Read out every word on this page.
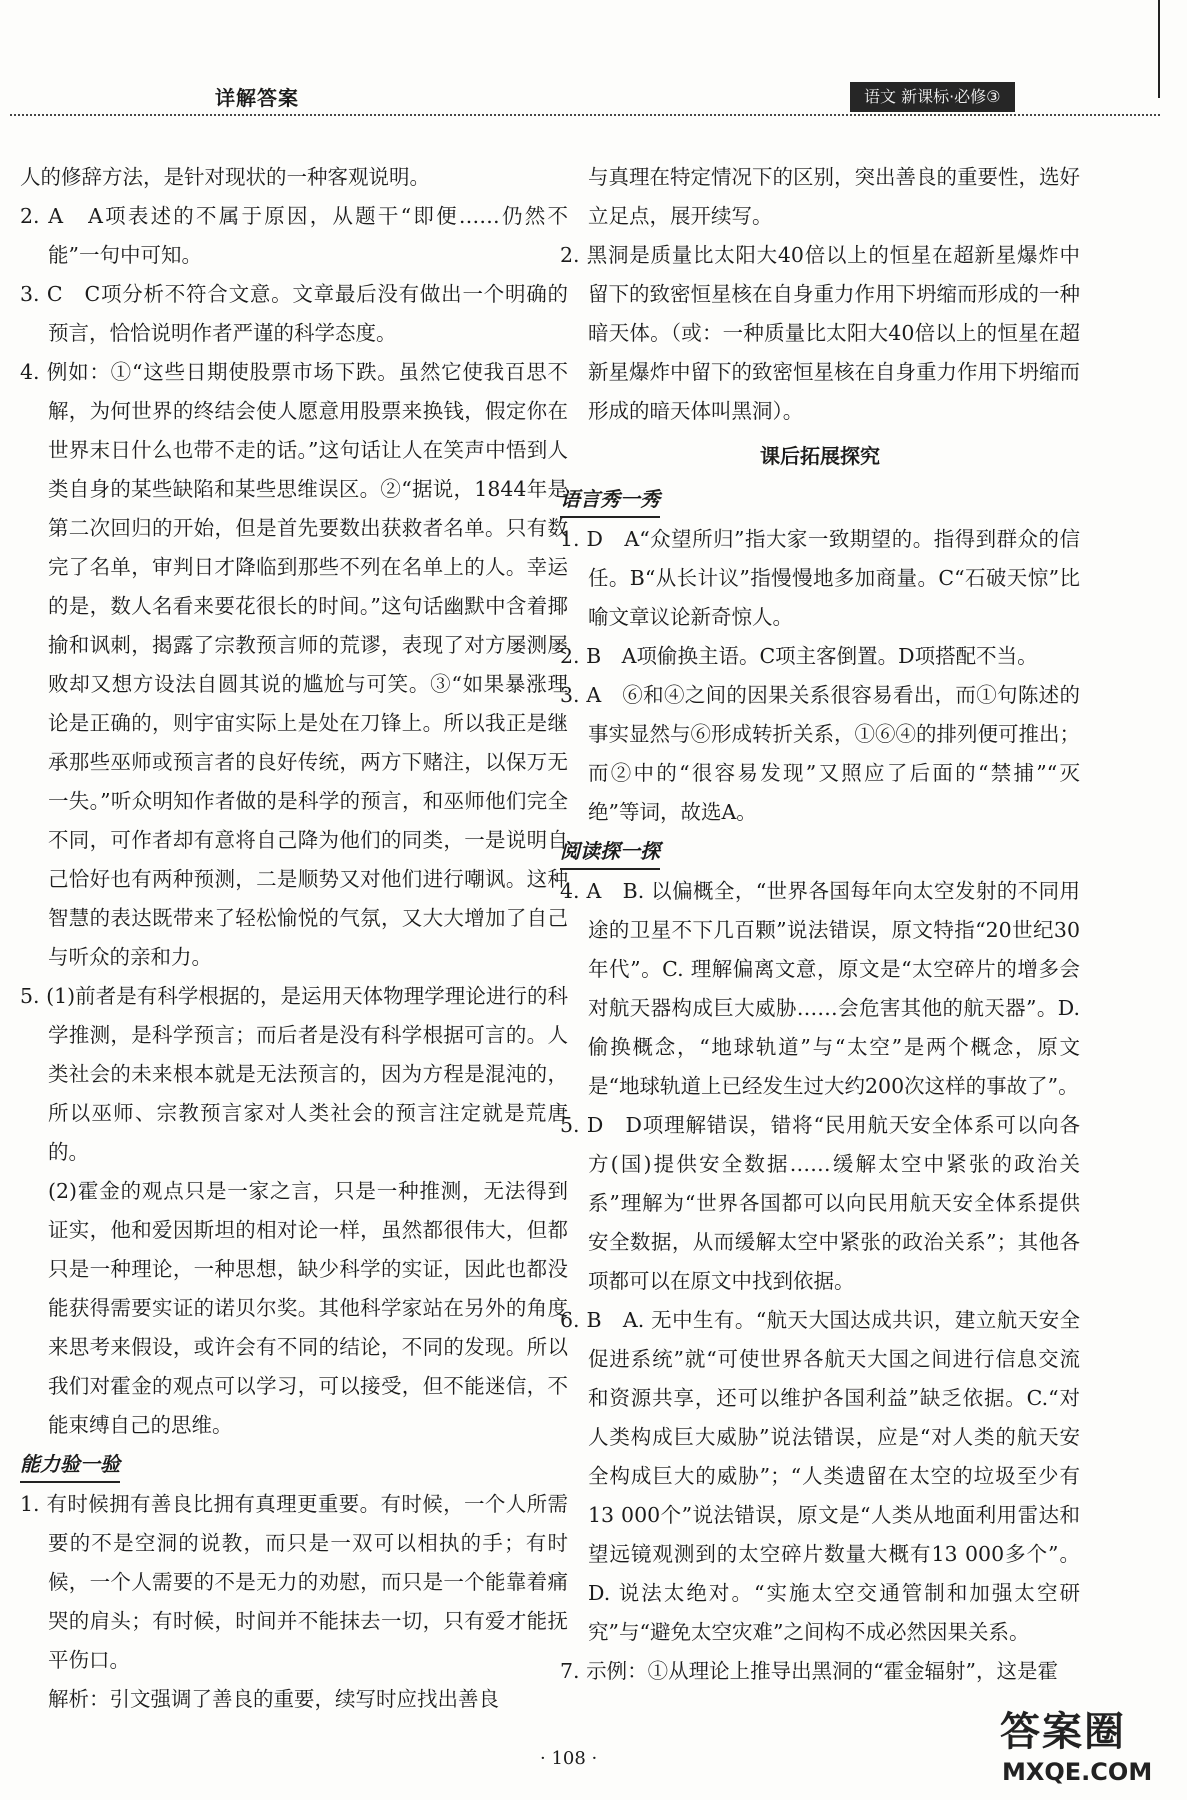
详解答案	语文 新课标·必修③

人的修辞方法，是针对现状的一种客观说明。

2. A　A项表述的不属于原因，从题干“即便……仍然不能”一句中可知。

3. C　C项分析不符合文意。文章最后没有做出一个明确的预言，恰恰说明作者严谨的科学态度。

4. 例如：①“这些日期使股票市场下跌。虽然它使我百思不解，为何世界的终结会使人愿意用股票来换钱，假定你在世界末日什么也带不走的话。”这句话让人在笑声中悟到人类自身的某些缺陷和某些思维误区。②“据说，1844年是第二次回归的开始，但是首先要数出获救者名单。只有数完了名单，审判日才降临到那些不列在名单上的人。幸运的是，数人名看来要花很长的时间。”这句话幽默中含着揶揄和讽刺，揭露了宗教预言师的荒谬，表现了对方屡测屡败却又想方设法自圆其说的尴尬与可笑。③“如果暴涨理论是正确的，则宇宙实际上是处在刀锋上。所以我正是继承那些巫师或预言者的良好传统，两方下赌注，以保万无一失。”听众明知作者做的是科学的预言，和巫师他们完全不同，可作者却有意将自己降为他们的同类，一是说明自己恰好也有两种预测，二是顺势又对他们进行嘲讽。这种智慧的表达既带来了轻松愉悦的气氛，又大大增加了自己与听众的亲和力。

5. (1)前者是有科学根据的，是运用天体物理学理论进行的科学推测，是科学预言；而后者是没有科学根据可言的。人类社会的未来根本就是无法预言的，因为方程是混沌的，所以巫师、宗教预言家对人类社会的预言注定就是荒唐的。

(2)霍金的观点只是一家之言，只是一种推测，无法得到证实，他和爱因斯坦的相对论一样，虽然都很伟大，但都只是一种理论，一种思想，缺少科学的实证，因此也都没能获得需要实证的诺贝尔奖。其他科学家站在另外的角度来思考来假设，或许会有不同的结论，不同的发现。所以我们对霍金的观点可以学习，可以接受，但不能迷信，不能束缚自己的思维。

能力验一验

1. 有时候拥有善良比拥有真理更重要。有时候，一个人所需要的不是空洞的说教，而只是一双可以相执的手；有时候，一个人需要的不是无力的劝慰，而只是一个能靠着痛哭的肩头；有时候，时间并不能抹去一切，只有爱才能抚平伤口。

解析：引文强调了善良的重要，续写时应找出善良

与真理在特定情况下的区别，突出善良的重要性，选好立足点，展开续写。

2. 黑洞是质量比太阳大40倍以上的恒星在超新星爆炸中留下的致密恒星核在自身重力作用下坍缩而形成的一种暗天体。（或：一种质量比太阳大40倍以上的恒星在超新星爆炸中留下的致密恒星核在自身重力作用下坍缩而形成的暗天体叫黑洞）。

课后拓展探究
语言秀一秀

1. D　A“众望所归”指大家一致期望的。指得到群众的信任。B“从长计议”指慢慢地多加商量。C“石破天惊”比喻文章议论新奇惊人。

2. B　A项偷换主语。C项主客倒置。D项搭配不当。

3. A　⑥和④之间的因果关系很容易看出，而①句陈述的事实显然与⑥形成转折关系，①⑥④的排列便可推出；而②中的“很容易发现”又照应了后面的“禁捕”“灭绝”等词，故选A。

阅读探一探

4. A　B. 以偏概全，“世界各国每年向太空发射的不同用途的卫星不下几百颗”说法错误，原文特指“20世纪30年代”。C. 理解偏离文意，原文是“太空碎片的增多会对航天器构成巨大威胁……会危害其他的航天器”。D. 偷换概念，“地球轨道”与“太空”是两个概念，原文是“地球轨道上已经发生过大约200次这样的事故了”。

5. D　D项理解错误，错将“民用航天安全体系可以向各方(国)提供安全数据……缓解太空中紧张的政治关系”理解为“世界各国都可以向民用航天安全体系提供安全数据，从而缓解太空中紧张的政治关系”；其他各项都可以在原文中找到依据。

6. B　A. 无中生有。“航天大国达成共识，建立航天安全促进系统”就“可使世界各航天大国之间进行信息交流和资源共享，还可以维护各国利益”缺乏依据。C.“对人类构成巨大威胁”说法错误，应是“对人类的航天安全构成巨大的威胁”；“人类遗留在太空的垃圾至少有13 000个”说法错误，原文是“人类从地面利用雷达和望远镜观测到的太空碎片数量大概有13 000多个”。D. 说法太绝对。“实施太空交通管制和加强太空研究”与“避免太空灾难”之间构不成必然因果关系。

7. 示例：①从理论上推导出黑洞的“霍金辐射”，这是霍

· 108 ·
答案圈
MXQE.COM
